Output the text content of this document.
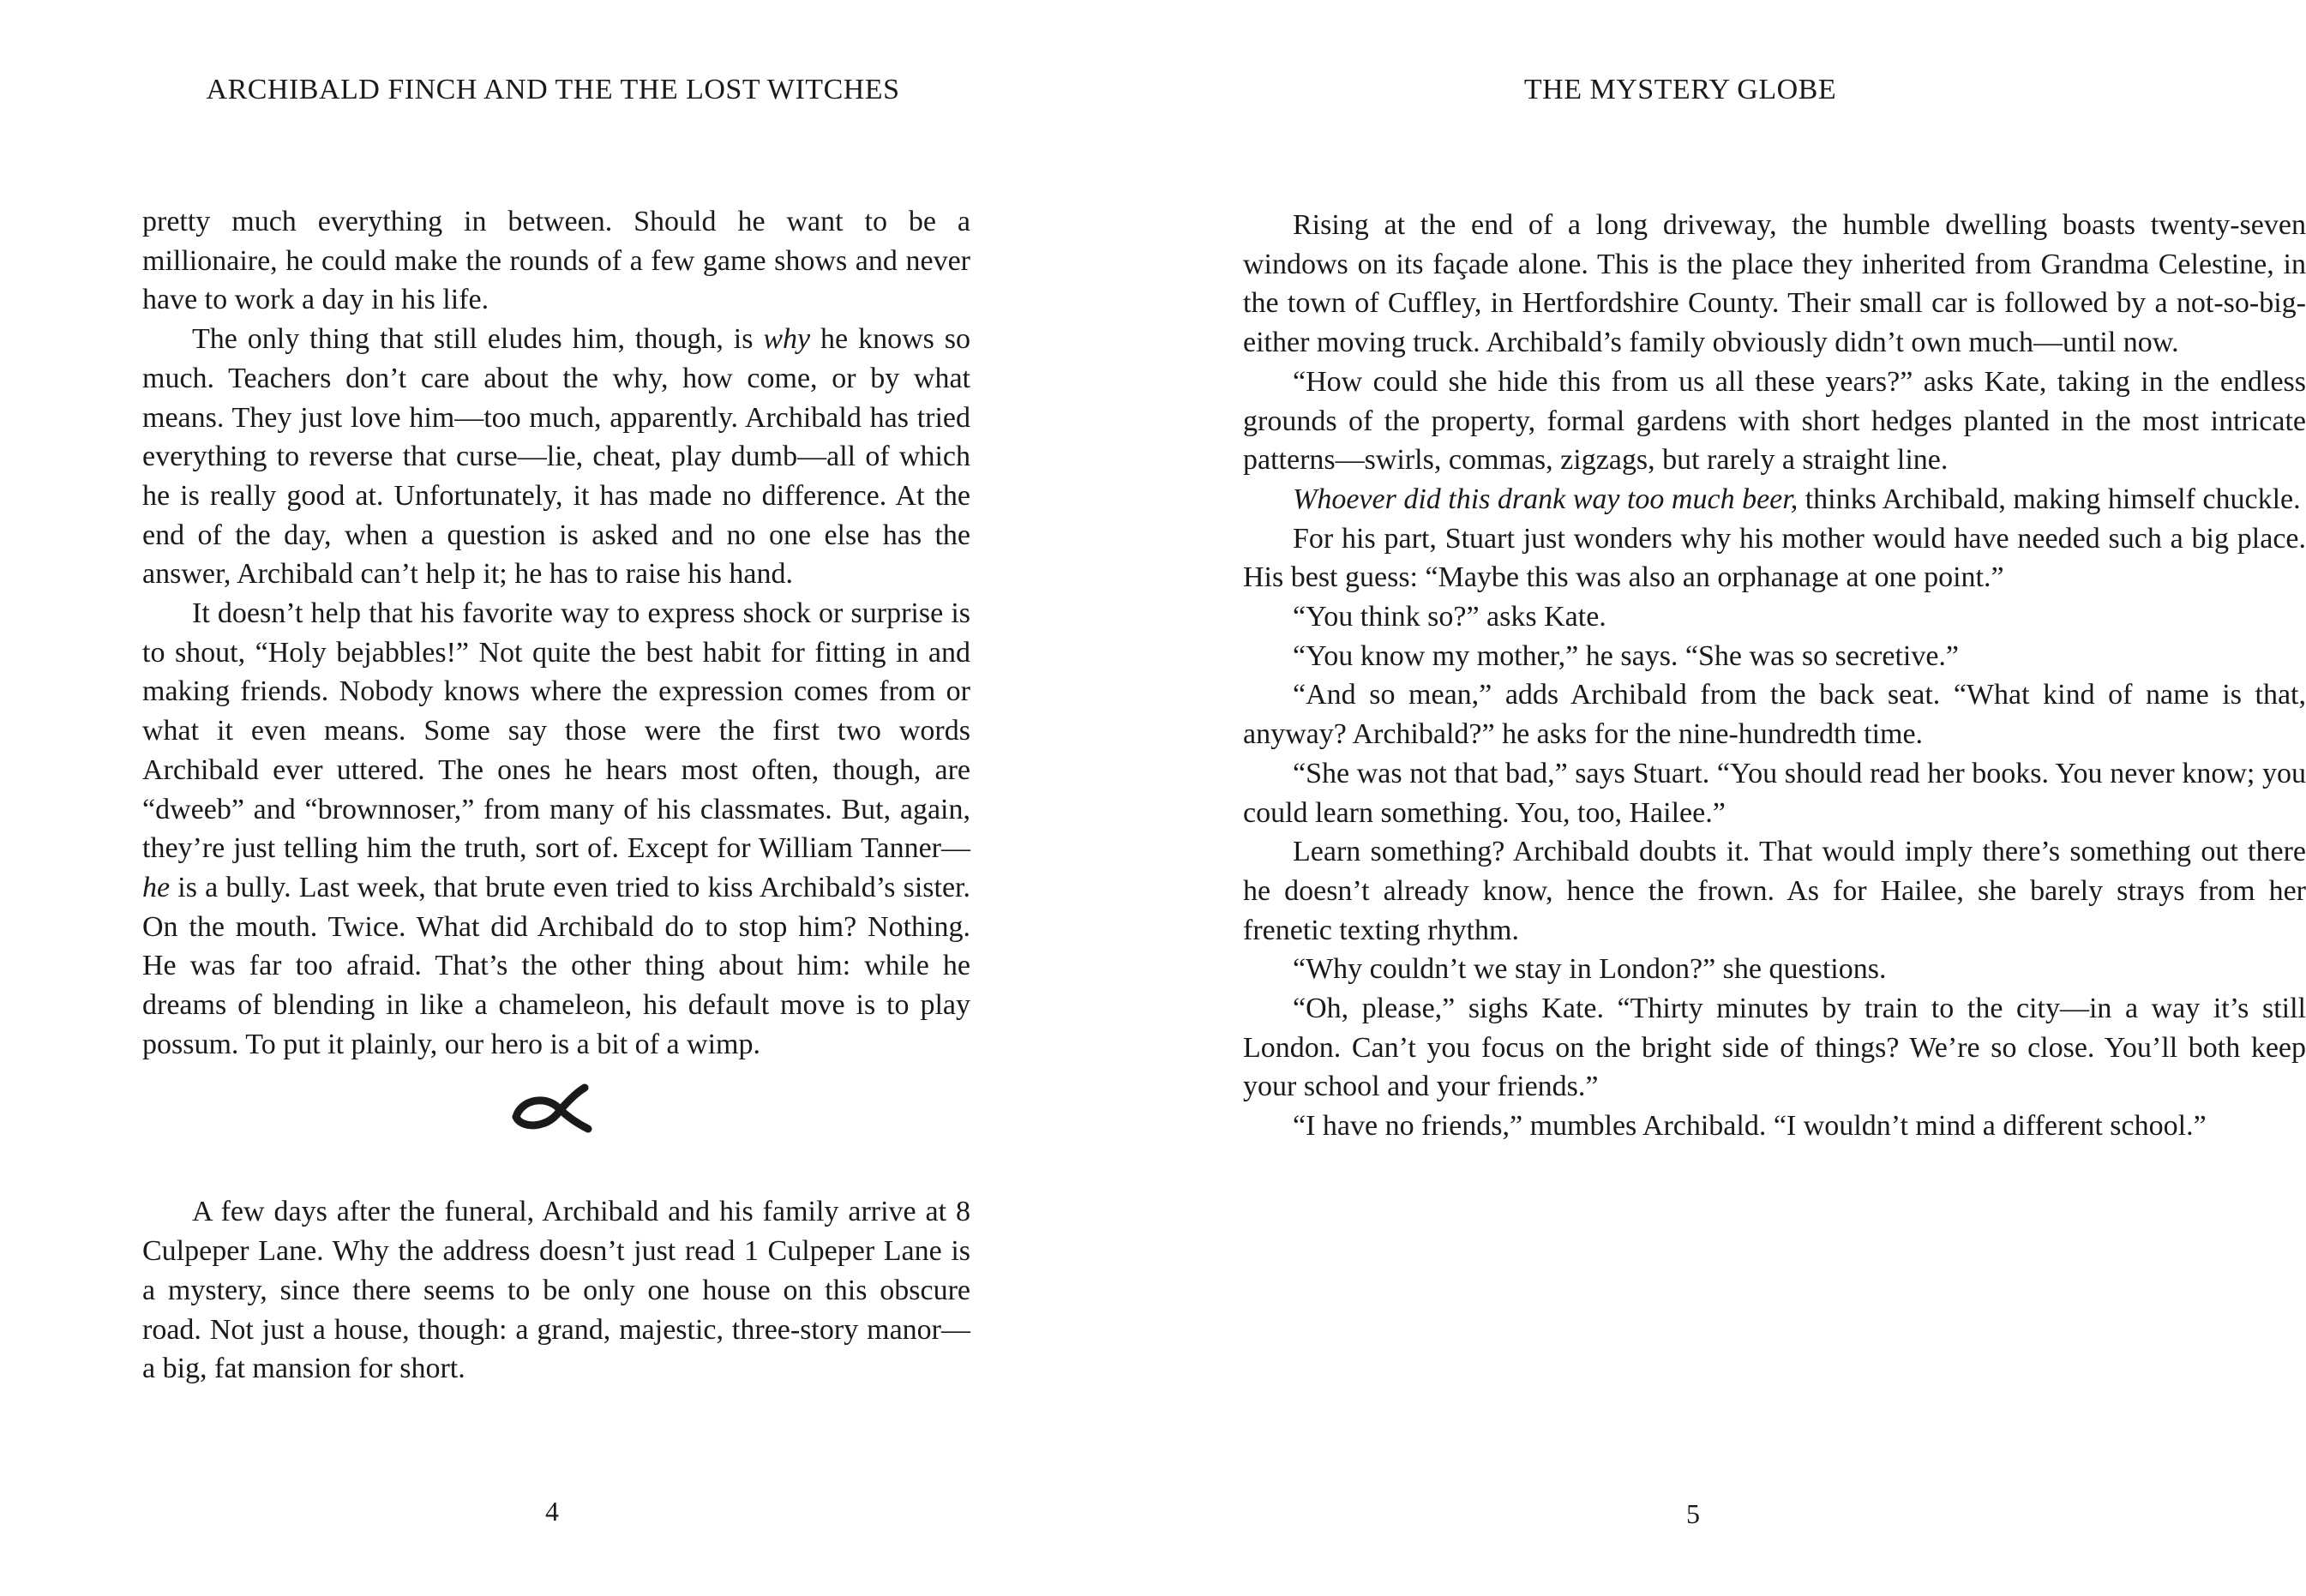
ARCHIBALD FINCH AND THE THE LOST WITCHES

pretty much everything in between. Should he want to be a millionaire, he could make the rounds of a few game shows and never have to work a day in his life.

The only thing that still eludes him, though, is why he knows so much. Teachers don’t care about the why, how come, or by what means. They just love him—too much, apparently. Archibald has tried everything to reverse that curse—lie, cheat, play dumb—all of which he is really good at. Unfortunately, it has made no difference. At the end of the day, when a question is asked and no one else has the answer, Archibald can’t help it; he has to raise his hand.

It doesn’t help that his favorite way to express shock or surprise is to shout, “Holy bejabbles!” Not quite the best habit for fitting in and making friends. Nobody knows where the expression comes from or what it even means. Some say those were the first two words Archibald ever uttered. The ones he hears most often, though, are “dweeb” and “brownnoser,” from many of his classmates. But, again, they’re just telling him the truth, sort of. Except for William Tanner—he is a bully. Last week, that brute even tried to kiss Archibald’s sister. On the mouth. Twice. What did Archibald do to stop him? Nothing. He was far too afraid. That’s the other thing about him: while he dreams of blending in like a chameleon, his default move is to play possum. To put it plainly, our hero is a bit of a wimp.

A few days after the funeral, Archibald and his family arrive at 8 Culpeper Lane. Why the address doesn’t just read 1 Culpeper Lane is a mystery, since there seems to be only one house on this obscure road. Not just a house, though: a grand, majestic, three-story manor—a big, fat mansion for short.

4
THE MYSTERY GLOBE

Rising at the end of a long driveway, the humble dwelling boasts twenty-seven windows on its façade alone. This is the place they inherited from Grandma Celestine, in the town of Cuffley, in Hertfordshire County. Their small car is followed by a not-so-big-either moving truck. Archibald’s family obviously didn’t own much—until now.

“How could she hide this from us all these years?” asks Kate, taking in the endless grounds of the property, formal gardens with short hedges planted in the most intricate patterns—swirls, commas, zigzags, but rarely a straight line.

Whoever did this drank way too much beer, thinks Archibald, making himself chuckle.

For his part, Stuart just wonders why his mother would have needed such a big place. His best guess: “Maybe this was also an orphanage at one point.”

“You think so?” asks Kate.

“You know my mother,” he says. “She was so secretive.”

“And so mean,” adds Archibald from the back seat. “What kind of name is that, anyway? Archibald?” he asks for the nine-hundredth time.

“She was not that bad,” says Stuart. “You should read her books. You never know; you could learn something. You, too, Hailee.”

Learn something? Archibald doubts it. That would imply there’s something out there he doesn’t already know, hence the frown. As for Hailee, she barely strays from her frenetic texting rhythm.

“Why couldn’t we stay in London?” she questions.

“Oh, please,” sighs Kate. “Thirty minutes by train to the city—in a way it’s still London. Can’t you focus on the bright side of things? We’re so close. You’ll both keep your school and your friends.”

“I have no friends,” mumbles Archibald. “I wouldn’t mind a different school.”

5
